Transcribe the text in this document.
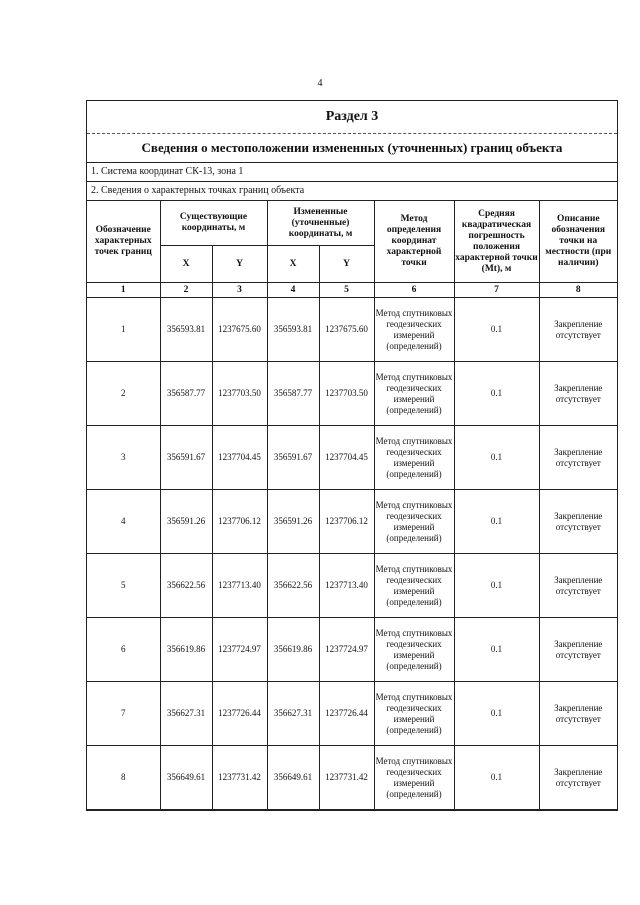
4
Раздел 3
Сведения о местоположении измененных (уточненных) границ объекта
1. Система координат СК-13, зона 1
2. Сведения о характерных точках границ объекта
Обозначение характерных точек границ	Существующие координаты, м		Измененные (уточненные) координаты, м		Метод определения координат характерной точки	Средняя квадратическая погрешность положения характерной точки (Mt), м	Описание обозначения точки на местности (при наличии)
	X	Y	X	Y			
1	2	3	4	5	6	7	8
1	356593.81	1237675.60	356593.81	1237675.60	Метод спутниковых геодезических измерений (определений)	0.1	Закрепление отсутствует
2	356587.77	1237703.50	356587.77	1237703.50	Метод спутниковых геодезических измерений (определений)	0.1	Закрепление отсутствует
3	356591.67	1237704.45	356591.67	1237704.45	Метод спутниковых геодезических измерений (определений)	0.1	Закрепление отсутствует
4	356591.26	1237706.12	356591.26	1237706.12	Метод спутниковых геодезических измерений (определений)	0.1	Закрепление отсутствует
5	356622.56	1237713.40	356622.56	1237713.40	Метод спутниковых геодезических измерений (определений)	0.1	Закрепление отсутствует
6	356619.86	1237724.97	356619.86	1237724.97	Метод спутниковых геодезических измерений (определений)	0.1	Закрепление отсутствует
7	356627.31	1237726.44	356627.31	1237726.44	Метод спутниковых геодезических измерений (определений)	0.1	Закрепление отсутствует
8	356649.61	1237731.42	356649.61	1237731.42	Метод спутниковых геодезических измерений (определений)	0.1	Закрепление отсутствует
